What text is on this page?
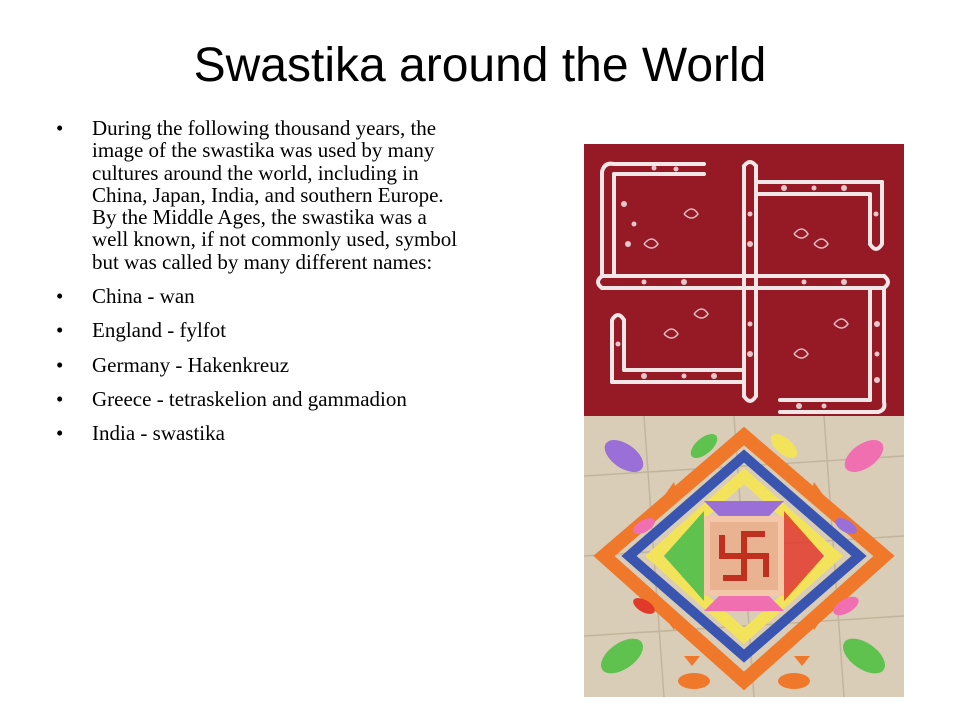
Swastika around the World
• During the following thousand years, the image of the swastika was used by many cultures around the world, including in China, Japan, India, and southern Europe. By the Middle Ages, the swastika was a well known, if not commonly used, symbol but was called by many different names:
• China - wan
• England - fylfot
• Germany - Hakenkreuz
• Greece - tetraskelion and gammadion
• India - swastika
